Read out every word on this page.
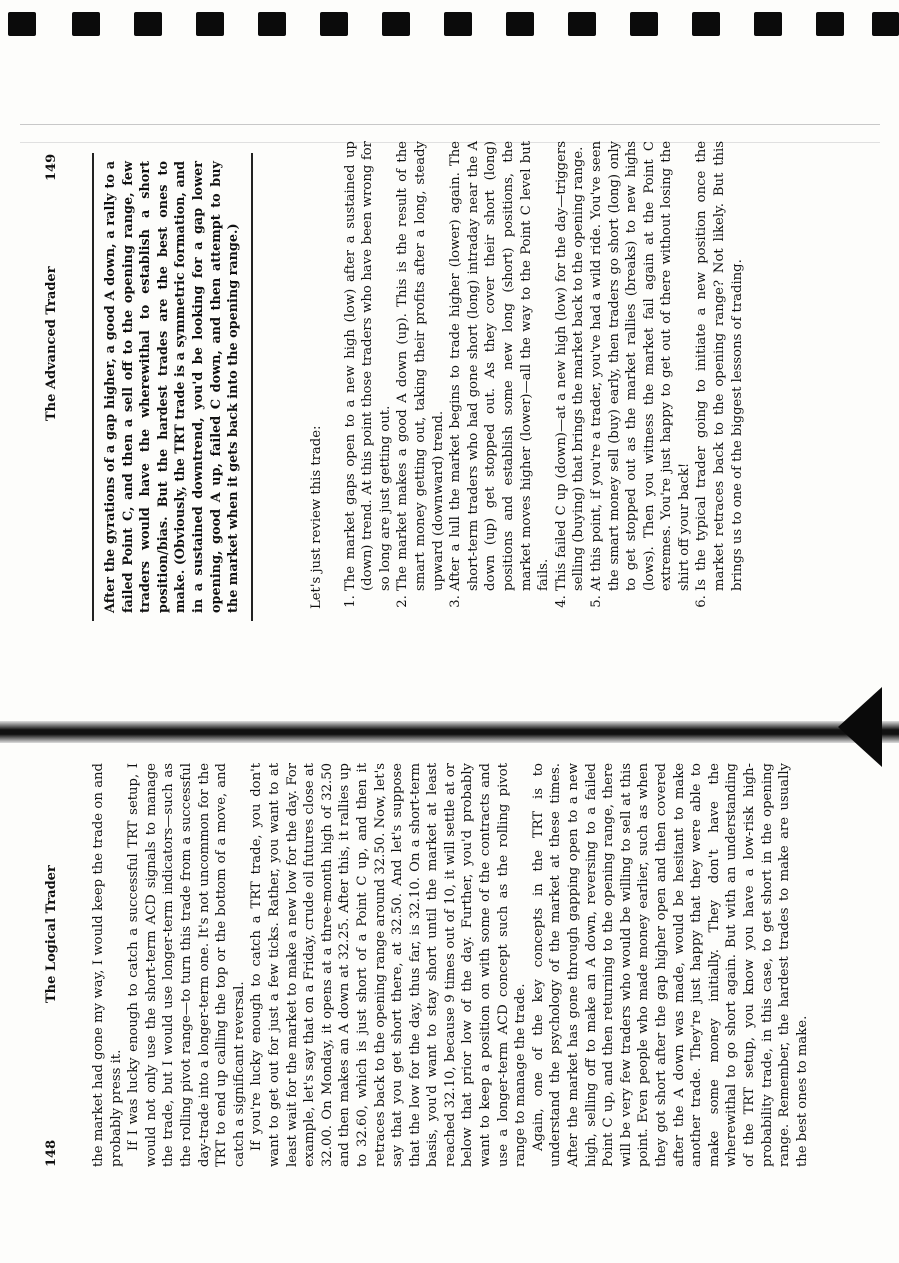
148
The Logical Trader the market had gone my way, I would keep the trade on and probably press it. If I was lucky enough to catch a successful TRT setup, I would not only use the short-term ACD signals to manage the trade, but I would use longer-term indicators—such as the rolling pivot range—to turn this trade from a successful day-trade into a longer-term one. It's not uncommon for the TRT to end up calling the top or the bottom of a move, and catch a significant reversal. If you're lucky enough to catch a TRT trade, you don't want to get out for just a few ticks. Rather, you want to at least wait for the market to make a new low for the day. For example, let's say that on a Friday, crude oil futures close at 32.00. On Monday, it opens at a three-month high of 32.50 and then makes an A down at 32.25. After this, it rallies up to 32.60, which is just short of a Point C up, and then it retraces back to the opening range around 32.50. Now, let's say that you get short there, at 32.50. And let's suppose that the low for the day, thus far, is 32.10. On a short-term basis, you'd want to stay short until the market at least reached 32.10, because 9 times out of 10, it will settle at or below that prior low of the day. Further, you'd probably want to keep a position on with some of the contracts and use a longer-term ACD concept such as the rolling pivot range to manage the trade. Again, one of the key concepts in the TRT is to understand the psychology of the market at these times. After the market has gone through gapping open to a new high, selling off to make an A down, reversing to a failed Point C up, and then returning to the opening range, there will be very few traders who would be willing to sell at this point. Even people who made money earlier, such as when they got short after the gap higher open and then covered after the A down was made, would be hesitant to make another trade. They're just happy that they were able to make some money initially. They don't have the wherewithal to go short again. But with an understanding of the TRT setup, you know you have a low-risk high-probability trade, in this case, to get short in the opening range. Remember, the hardest trades to make are usually the best ones to make.

The Advanced Trader
149	After the gyrations of a gap higher, a good A down, a rally to a failed Point C, and then a sell off to the opening range, few traders would have the wherewithal to establish a short position/bias. But the hardest trades are the best ones to make. (Obviously, the TRT trade is a symmetric formation, and in a sustained downtrend, you'd be looking for a gap lower opening, good A up, failed C down, and then attempt to buy the market when it gets back into the opening range.)	Let's just review this trade: 1. The market gaps open to a new high (low) after a sustained up (down) trend. At this point those traders who have been wrong for so long are just getting out. 2. The market makes a good A down (up). This is the result of the smart money getting out, taking their profits after a long, steady upward (downward) trend. 3. After a lull the market begins to trade higher (lower) again. The short-term traders who had gone short (long) intraday near the A down (up) get stopped out. As they cover their short (long) positions and establish some new long (short) positions, the market moves higher (lower)—all the way to the Point C level but fails. 4. This failed C up (down)—at a new high (low) for the day—triggers selling (buying) that brings the market back to the opening range. 5. At this point, if you're a trader, you've had a wild ride. You've seen the smart money sell (buy) early, then traders go short (long) only to get stopped out as the market rallies (breaks) to new highs (lows). Then you witness the market fail again at the Point C extremes. You're just happy to get out of there without losing the shirt off your back! 6. Is the typical trader going to initiate a new position once the market retraces back to the opening range? Not likely. But this brings us to one of the biggest lessons of trading.
